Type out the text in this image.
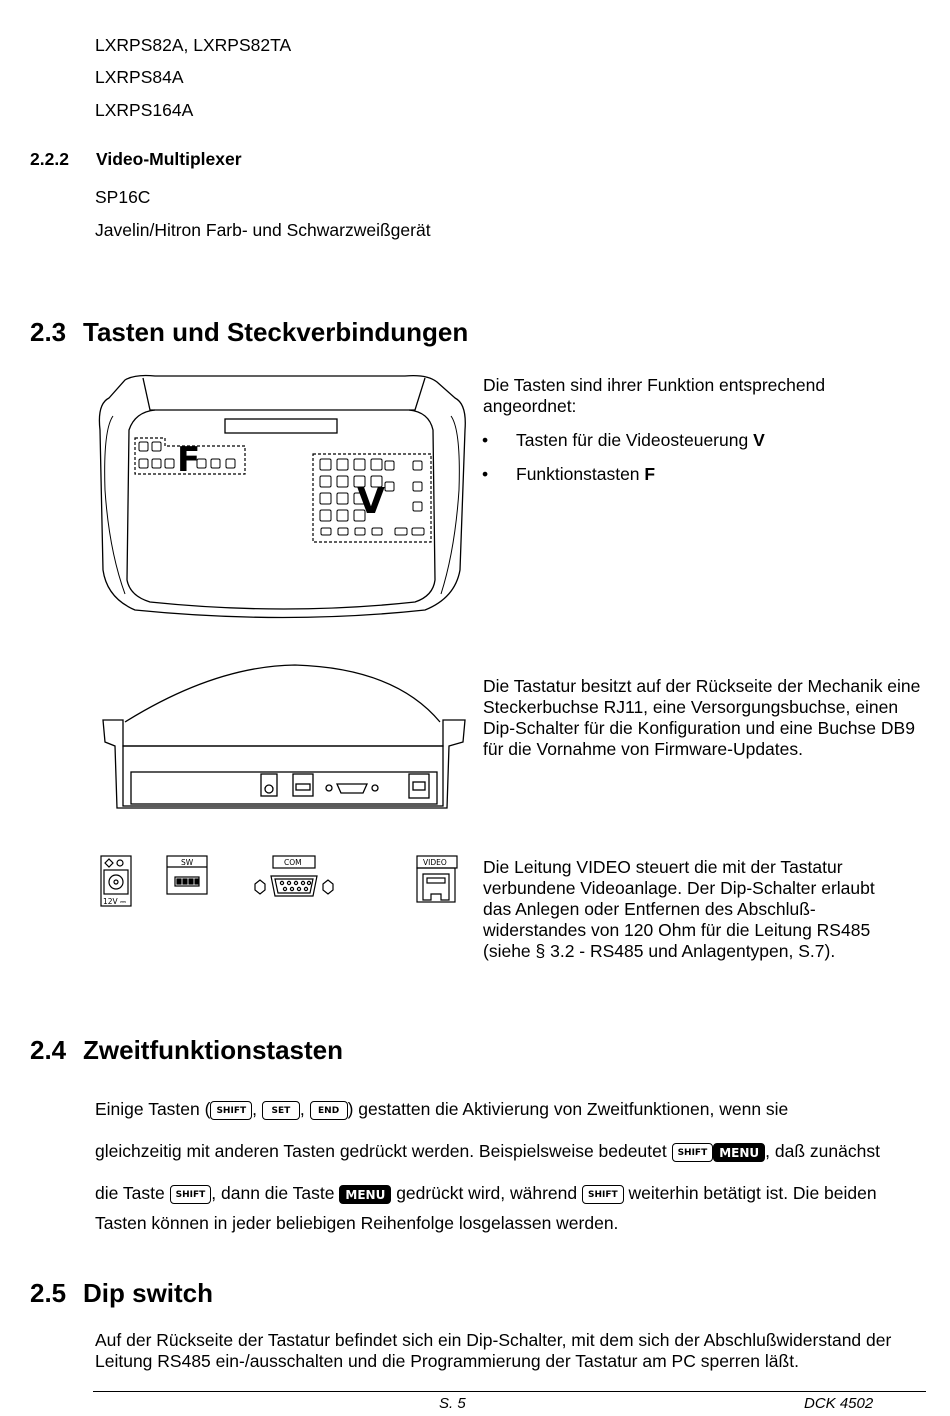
LXRPS82A, LXRPS82TA
LXRPS84A
LXRPS164A
2.2.2 Video-Multiplexer
SP16C
Javelin/Hitron Farb- und Schwarzweißgerät
2.3 Tasten und Steckverbindungen
F
V
SW	COM	VIDEO
12V ⎓
Die Tasten sind ihrer Funktion entsprechend angeordnet:
• Tasten für die Videosteuerung V
• Funktionstasten F
Die Tastatur besitzt auf der Rückseite der Mechanik eine Steckerbuchse RJ11, eine Versorgungsbuchse, einen Dip-Schalter für die Konfiguration und eine Buchse DB9 für die Vornahme von Firmware-Updates.
Die Leitung VIDEO steuert die mit der Tastatur verbundene Videoanlage. Der Dip-Schalter erlaubt das Anlegen oder Entfernen des Abschluß-widerstandes von 120 Ohm für die Leitung RS485 (siehe § 3.2 - RS485 und Anlagentypen, S.7).
2.4 Zweitfunktionstasten
Einige Tasten ( SHIFT , SET , END ) gestatten die Aktivierung von Zweitfunktionen, wenn sie
gleichzeitig mit anderen Tasten gedrückt werden. Beispielsweise bedeutet SHIFT MENU , daß zunächst
die Taste SHIFT , dann die Taste MENU gedrückt wird, während SHIFT weiterhin betätigt ist. Die beiden
Tasten können in jeder beliebigen Reihenfolge losgelassen werden.
2.5 Dip switch
Auf der Rückseite der Tastatur befindet sich ein Dip-Schalter, mit dem sich der Abschlußwiderstand der Leitung RS485 ein-/ausschalten und die Programmierung der Tastatur am PC sperren läßt.
S. 5	DCK 4502
